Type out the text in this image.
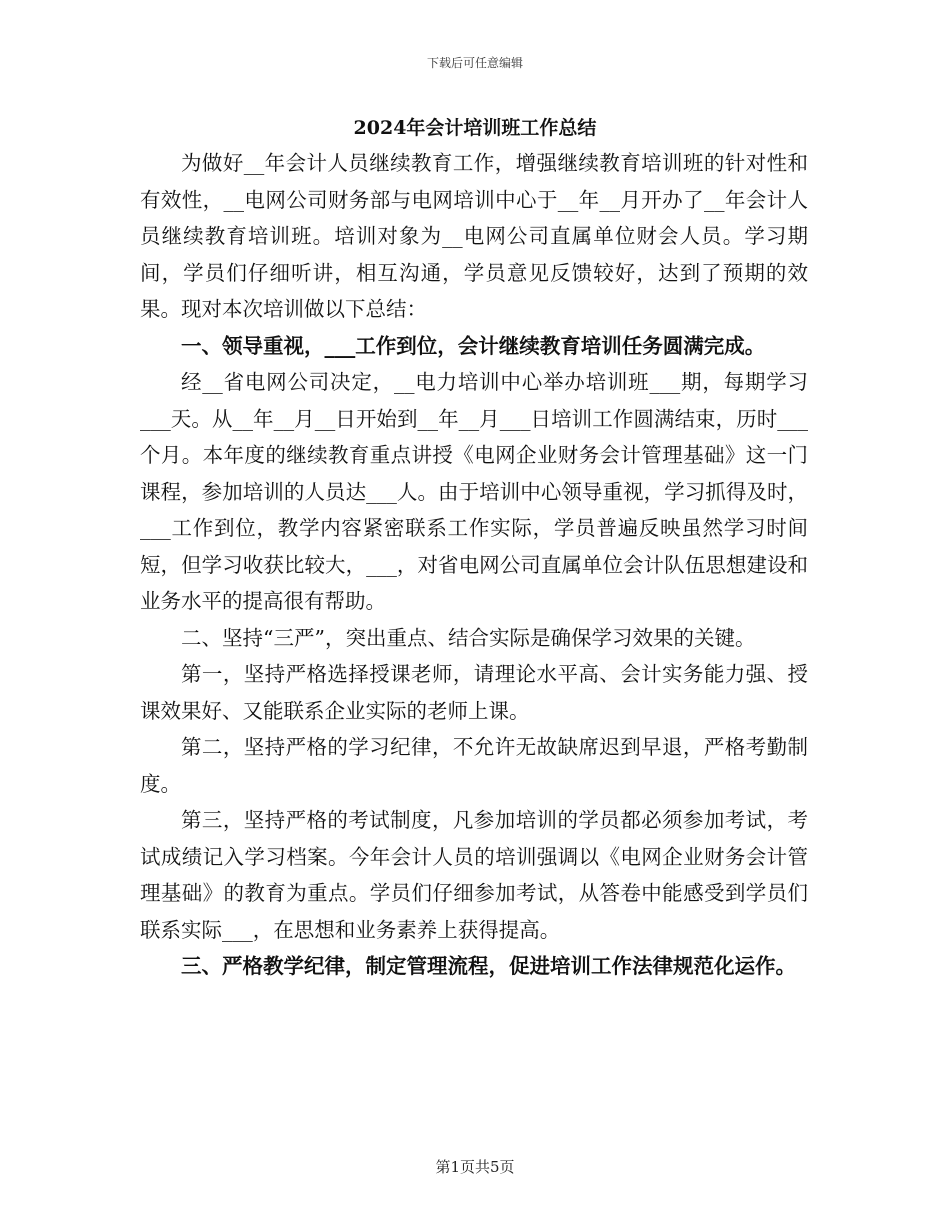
下载后可任意编辑
2024年会计培训班工作总结

为做好__年会计人员继续教育工作，增强继续教育培训班的针对性和有效性，__电网公司财务部与电网培训中心于__年__月开办了__年会计人员继续教育培训班。培训对象为__电网公司直属单位财会人员。学习期间，学员们仔细听讲，相互沟通，学员意见反馈较好，达到了预期的效果。现对本次培训做以下总结：

一、领导重视，___工作到位，会计继续教育培训任务圆满完成。

经__省电网公司决定，__电力培训中心举办培训班___期，每期学习___天。从__年__月__日开始到__年__月___日培训工作圆满结束，历时___个月。本年度的继续教育重点讲授《电网企业财务会计管理基础》这一门课程，参加培训的人员达___人。由于培训中心领导重视，学习抓得及时，___工作到位，教学内容紧密联系工作实际，学员普遍反映虽然学习时间短，但学习收获比较大，___，对省电网公司直属单位会计队伍思想建设和业务水平的提高很有帮助。

二、坚持“三严”，突出重点、结合实际是确保学习效果的关键。

第一，坚持严格选择授课老师，请理论水平高、会计实务能力强、授课效果好、又能联系企业实际的老师上课。

第二，坚持严格的学习纪律，不允许无故缺席迟到早退，严格考勤制度。

第三，坚持严格的考试制度，凡参加培训的学员都必须参加考试，考试成绩记入学习档案。今年会计人员的培训强调以《电网企业财务会计管理基础》的教育为重点。学员们仔细参加考试，从答卷中能感受到学员们联系实际___，在思想和业务素养上获得提高。

三、严格教学纪律，制定管理流程，促进培训工作法律规范化运作。

第1页共5页
